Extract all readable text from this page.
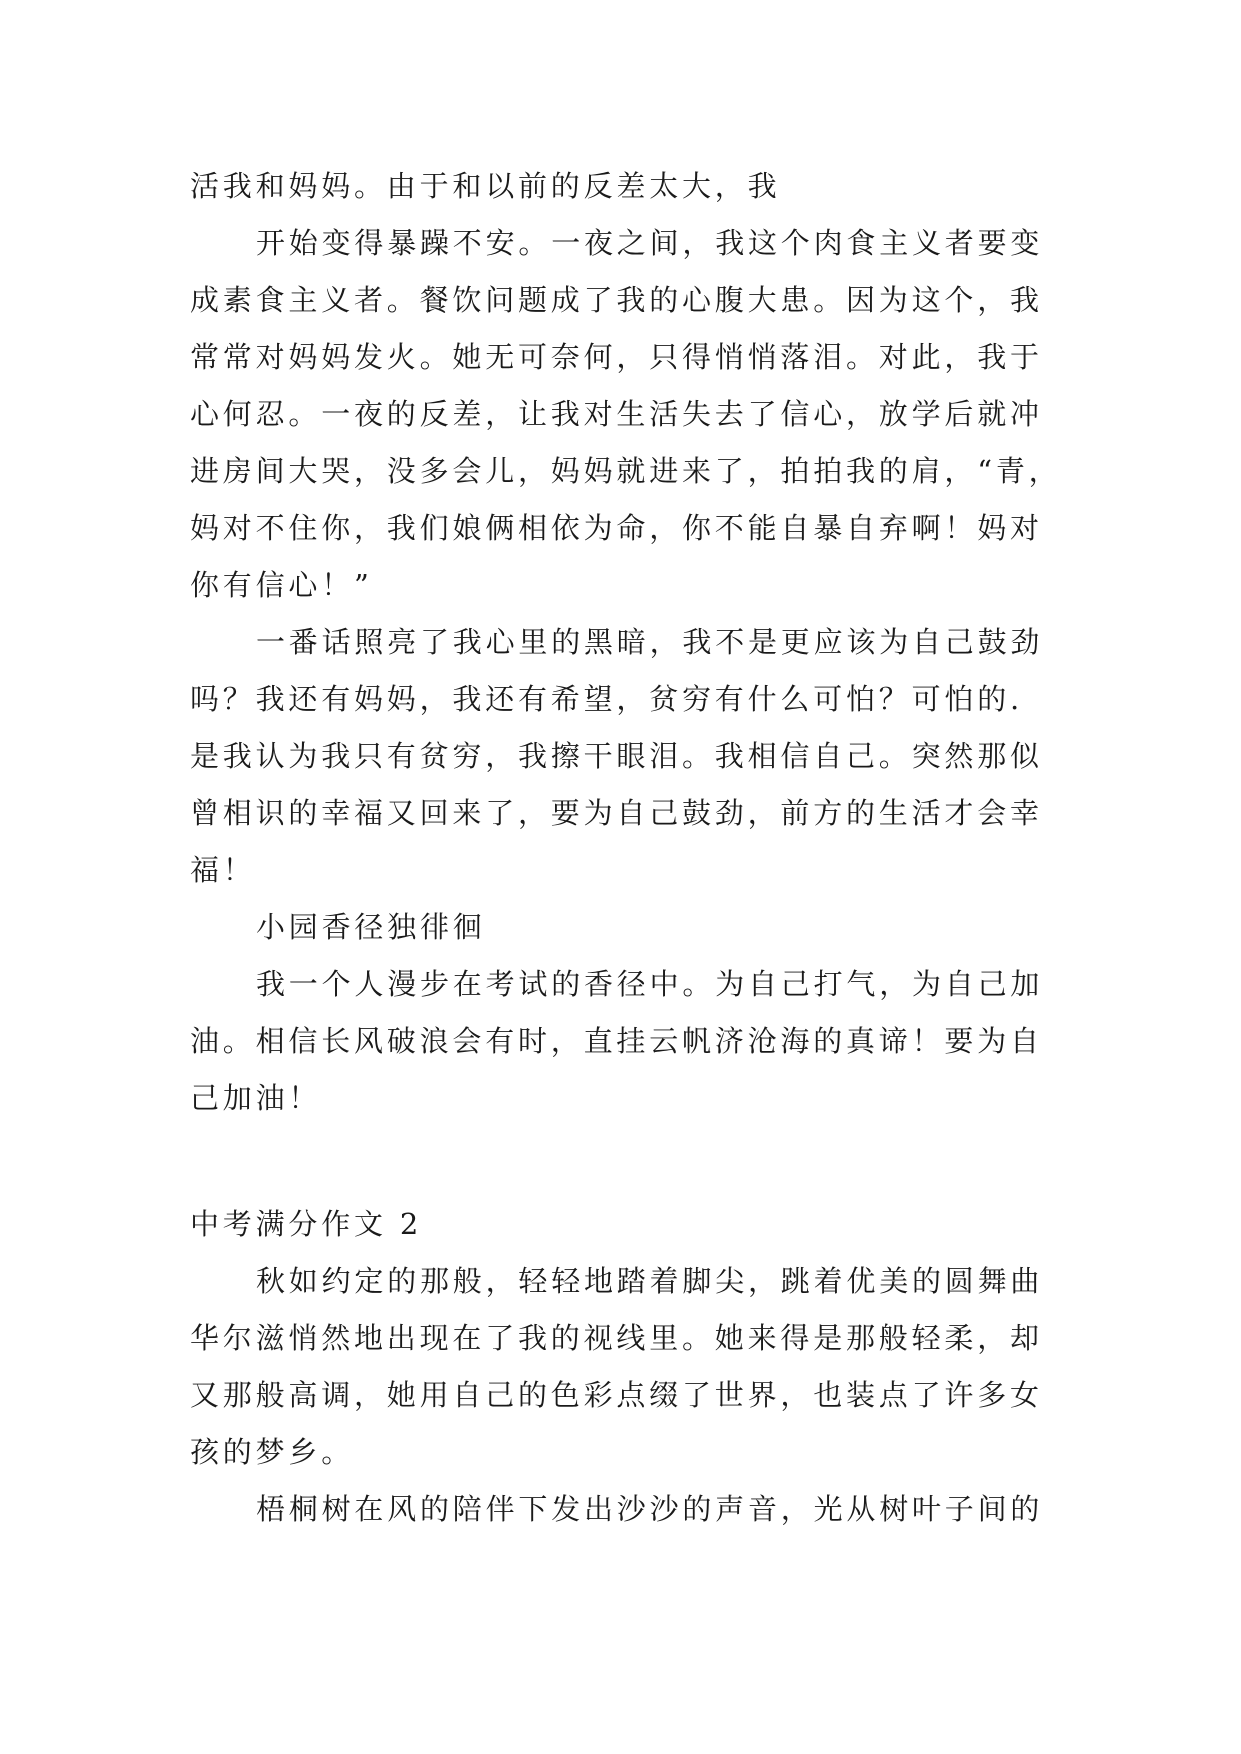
活我和妈妈。由于和以前的反差太大，我
开始变得暴躁不安。一夜之间，我这个肉食主义者要变
成素食主义者。餐饮问题成了我的心腹大患。因为这个，我
常常对妈妈发火。她无可奈何，只得悄悄落泪。对此，我于
心何忍。一夜的反差，让我对生活失去了信心，放学后就冲
进房间大哭，没多会儿，妈妈就进来了，拍拍我的肩，“青，
妈对不住你，我们娘俩相依为命，你不能自暴自弃啊！妈对
你有信心！”
一番话照亮了我心里的黑暗，我不是更应该为自己鼓劲
吗？我还有妈妈，我还有希望，贫穷有什么可怕？可怕的.
是我认为我只有贫穷，我擦干眼泪。我相信自己。突然那似
曾相识的幸福又回来了，要为自己鼓劲，前方的生活才会幸
福！
小园香径独徘徊
我一个人漫步在考试的香径中。为自己打气，为自己加
油。相信长风破浪会有时，直挂云帆济沧海的真谛！要为自
己加油！
中考满分作文 2
秋如约定的那般，轻轻地踏着脚尖，跳着优美的圆舞曲
华尔滋悄然地出现在了我的视线里。她来得是那般轻柔，却
又那般高调，她用自己的色彩点缀了世界，也装点了许多女
孩的梦乡。
梧桐树在风的陪伴下发出沙沙的声音，光从树叶子间的
